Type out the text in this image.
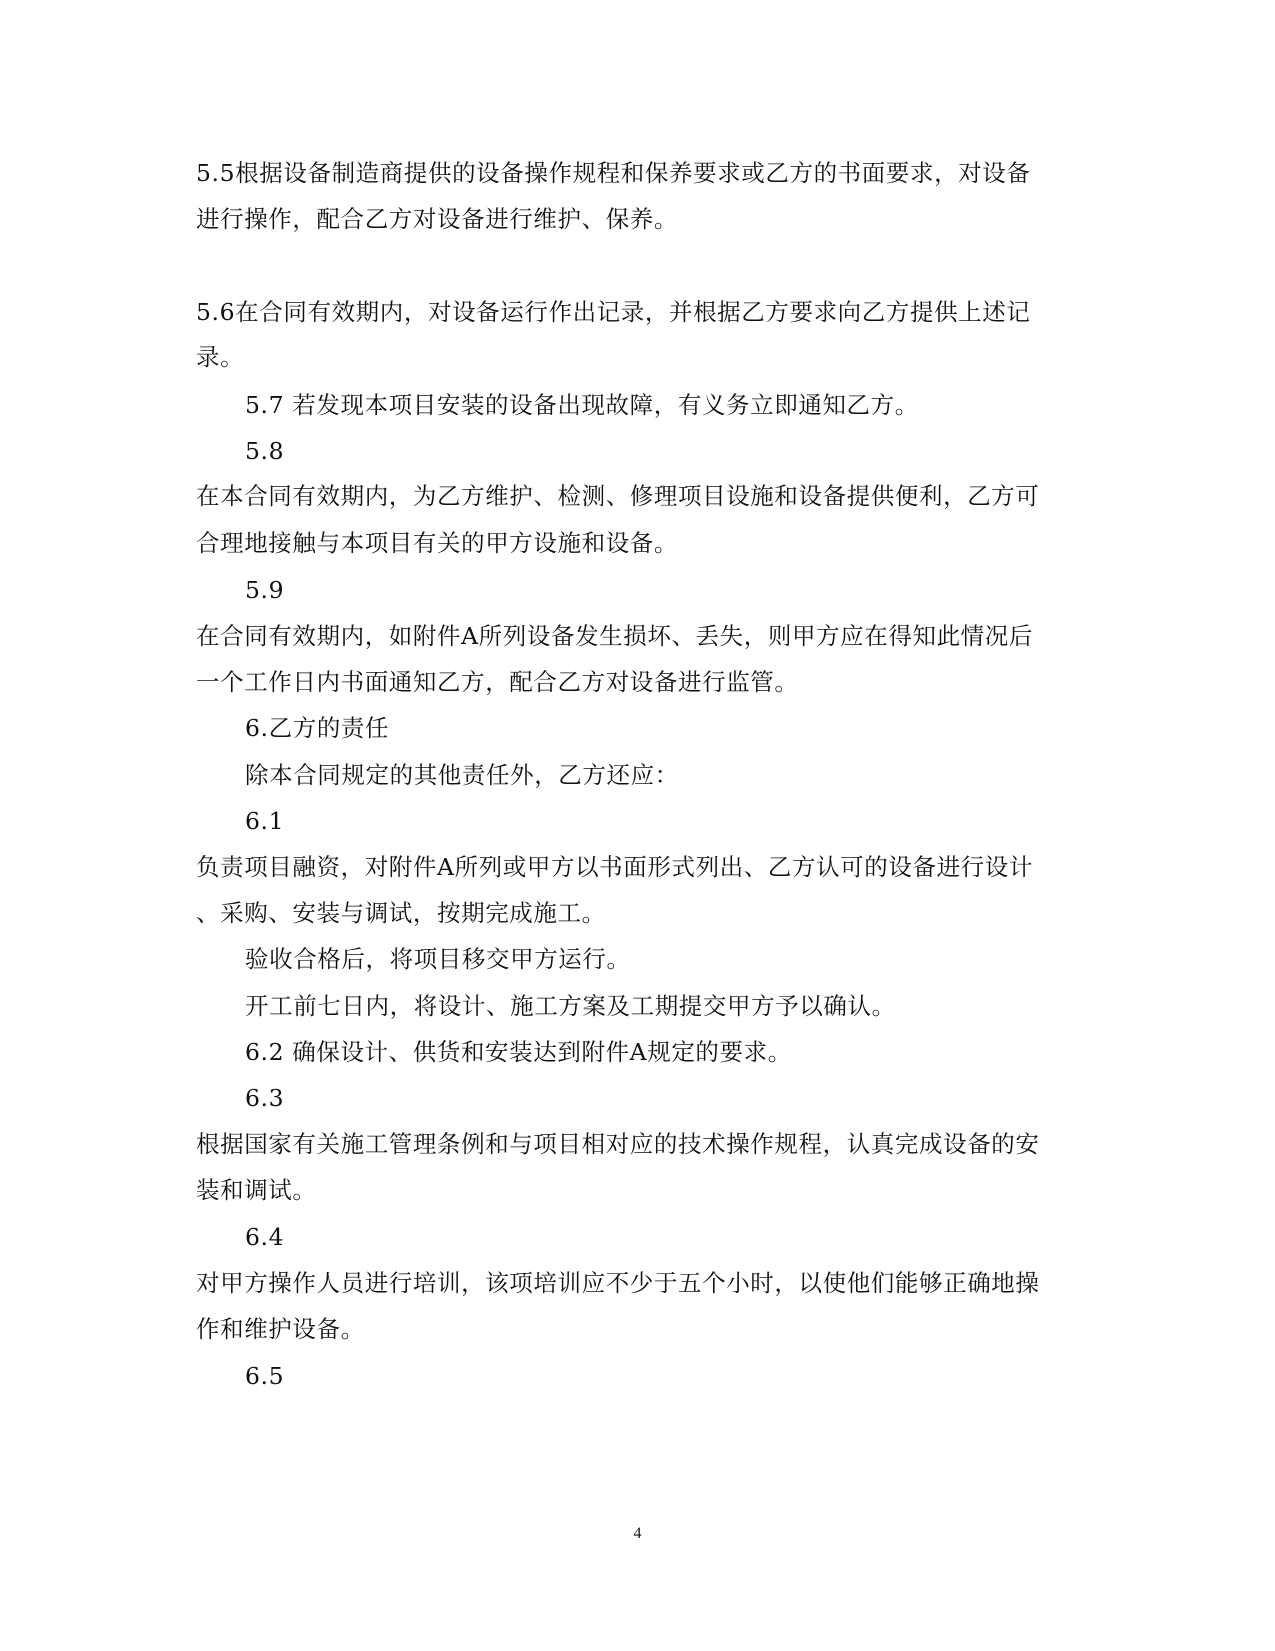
5.5根据设备制造商提供的设备操作规程和保养要求或乙方的书面要求，对设备
进行操作，配合乙方对设备进行维护、保养。
5.6在合同有效期内，对设备运行作出记录，并根据乙方要求向乙方提供上述记
录。
5.7 若发现本项目安装的设备出现故障，有义务立即通知乙方。
5.8
在本合同有效期内，为乙方维护、检测、修理项目设施和设备提供便利，乙方可
合理地接触与本项目有关的甲方设施和设备。
5.9
在合同有效期内，如附件A所列设备发生损坏、丢失，则甲方应在得知此情况后
一个工作日内书面通知乙方，配合乙方对设备进行监管。
6.乙方的责任
除本合同规定的其他责任外，乙方还应：
6.1
负责项目融资，对附件A所列或甲方以书面形式列出、乙方认可的设备进行设计
、采购、安装与调试，按期完成施工。
验收合格后，将项目移交甲方运行。
开工前七日内，将设计、施工方案及工期提交甲方予以确认。
6.2 确保设计、供货和安装达到附件A规定的要求。
6.3
根据国家有关施工管理条例和与项目相对应的技术操作规程，认真完成设备的安
装和调试。
6.4
对甲方操作人员进行培训，该项培训应不少于五个小时，以使他们能够正确地操
作和维护设备。
6.5
4
